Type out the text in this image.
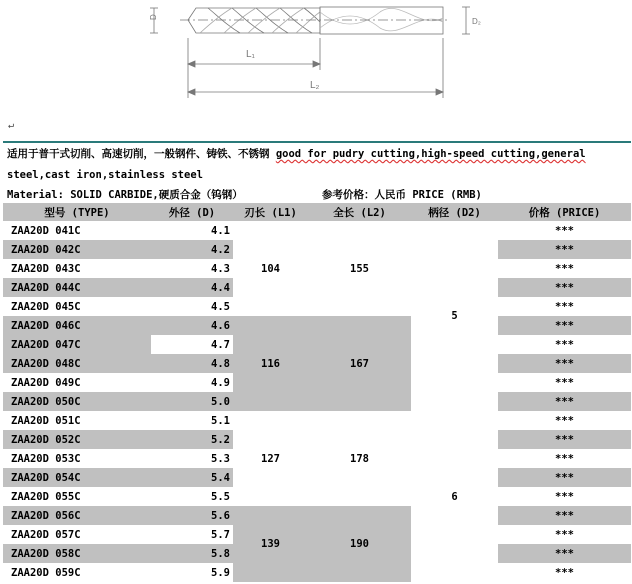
D	D₂
L₁
L₂
↵
适用于普干式切削、高速切削，一般钢件、铸铁、不锈钢 good for pudry cutting,high-speed cutting,general					
steel,cast iron,stainless steel					
Material: SOLID CARBIDE,硬质合金（钨钢）			参考价格：人民币 PRICE (RMB)		
型号 (TYPE)	外径 (D)	刃长 (L1)	全长 (L2)	柄径 (D2)	价格 (PRICE)
ZAA20D 041C	4.1	104	155	5	***
ZAA20D 042C	4.2				***
ZAA20D 043C	4.3				***
ZAA20D 044C	4.4				***
ZAA20D 045C	4.5				***
ZAA20D 046C	4.6	116	167		***
ZAA20D 047C	4.7				***
ZAA20D 048C	4.8				***
ZAA20D 049C	4.9				***
ZAA20D 050C	5.0				***
ZAA20D 051C	5.1	127	178	6	***
ZAA20D 052C	5.2				***
ZAA20D 053C	5.3				***
ZAA20D 054C	5.4				***
ZAA20D 055C	5.5				***
ZAA20D 056C	5.6	139	190		***
ZAA20D 057C	5.7				***
ZAA20D 058C	5.8				***
ZAA20D 059C	5.9				***
